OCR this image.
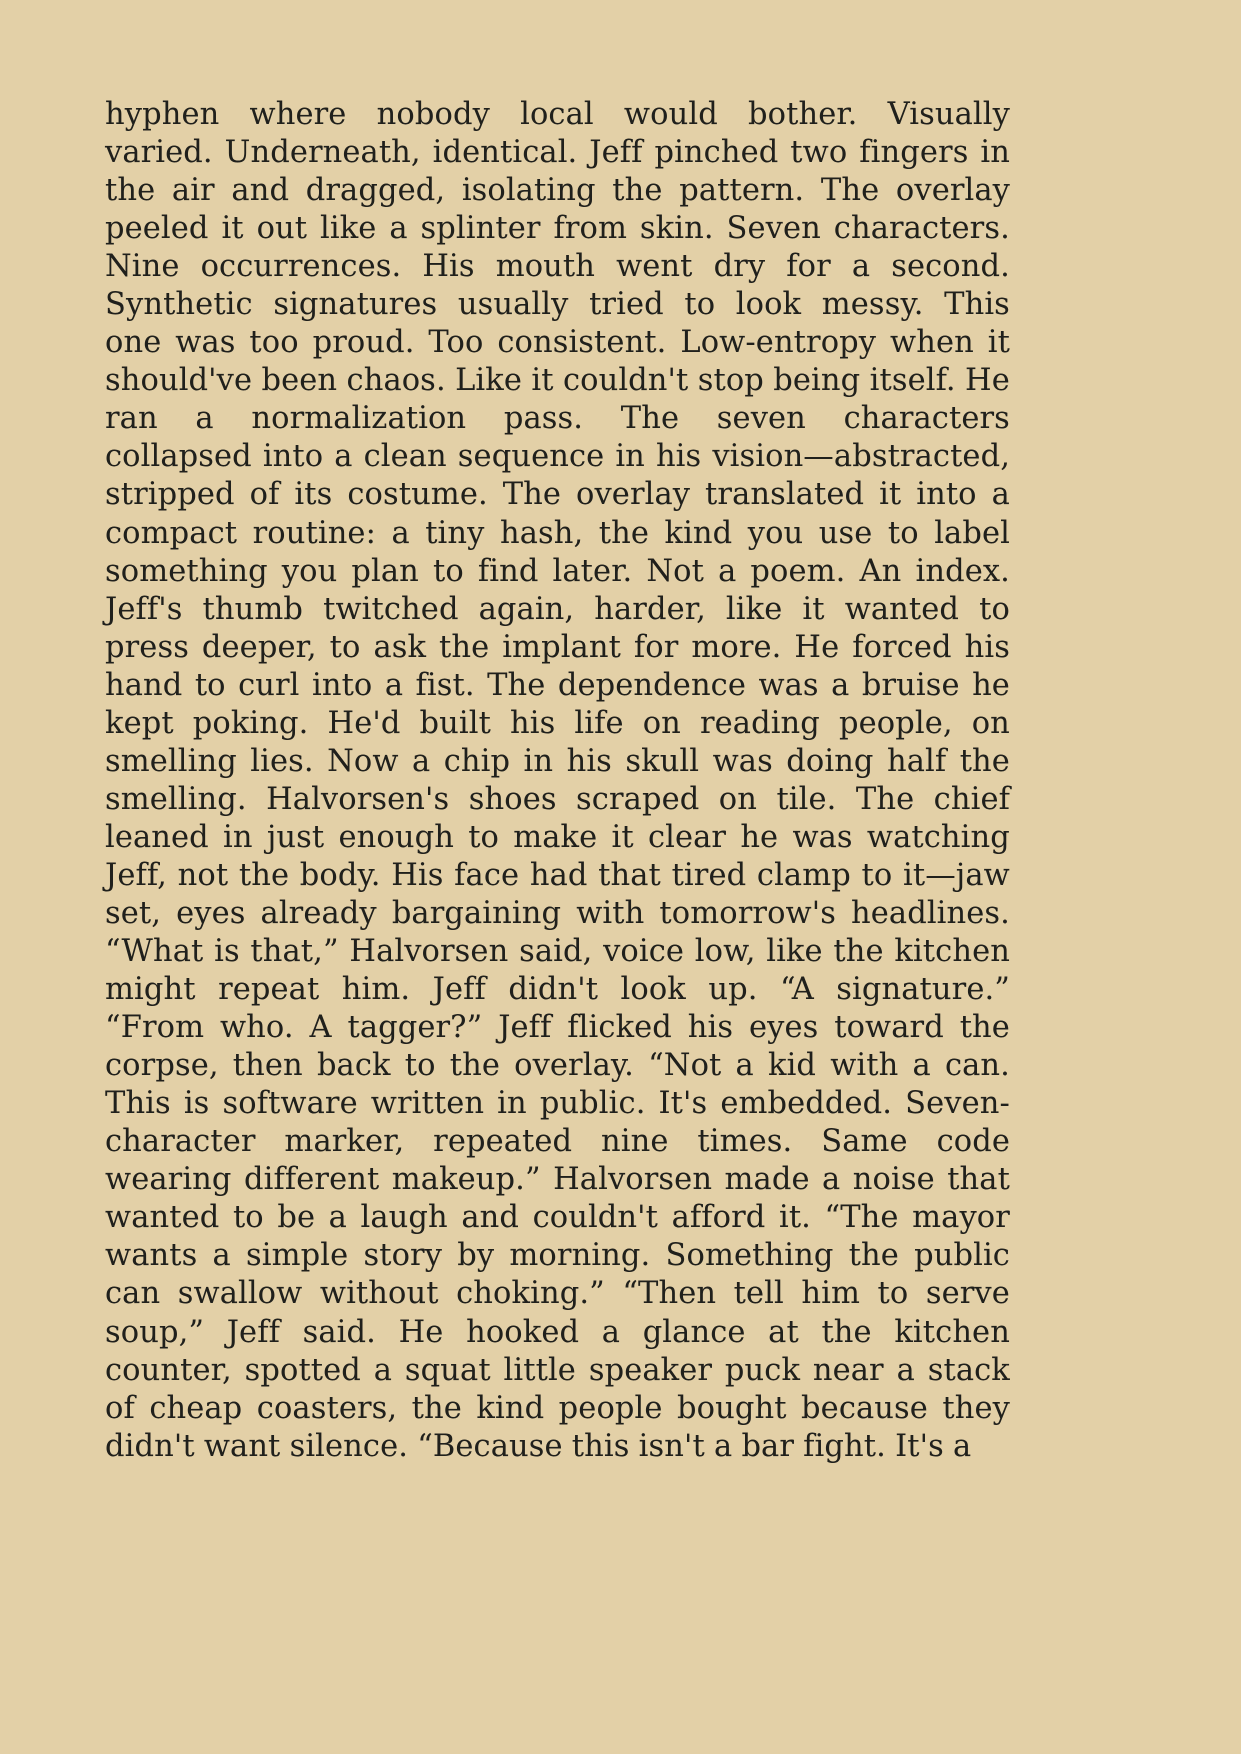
hyphen where nobody local would bother. Visually
varied. Underneath, identical. Jeff pinched two fingers in
the air and dragged, isolating the pattern. The overlay
peeled it out like a splinter from skin. Seven characters.
Nine occurrences. His mouth went dry for a second.
Synthetic signatures usually tried to look messy. This
one was too proud. Too consistent. Low-entropy when it
should've been chaos. Like it couldn't stop being itself. He
ran a normalization pass. The seven characters
collapsed into a clean sequence in his vision—abstracted,
stripped of its costume. The overlay translated it into a
compact routine: a tiny hash, the kind you use to label
something you plan to find later. Not a poem. An index.
Jeff's thumb twitched again, harder, like it wanted to
press deeper, to ask the implant for more. He forced his
hand to curl into a fist. The dependence was a bruise he
kept poking. He'd built his life on reading people, on
smelling lies. Now a chip in his skull was doing half the
smelling. Halvorsen's shoes scraped on tile. The chief
leaned in just enough to make it clear he was watching
Jeff, not the body. His face had that tired clamp to it—jaw
set, eyes already bargaining with tomorrow's headlines.
“What is that,” Halvorsen said, voice low, like the kitchen
might repeat him. Jeff didn't look up. “A signature.”
“From who. A tagger?” Jeff flicked his eyes toward the
corpse, then back to the overlay. “Not a kid with a can.
This is software written in public. It's embedded. Seven-
character marker, repeated nine times. Same code
wearing different makeup.” Halvorsen made a noise that
wanted to be a laugh and couldn't afford it. “The mayor
wants a simple story by morning. Something the public
can swallow without choking.” “Then tell him to serve
soup,” Jeff said. He hooked a glance at the kitchen
counter, spotted a squat little speaker puck near a stack
of cheap coasters, the kind people bought because they
didn't want silence. “Because this isn't a bar fight. It's a
